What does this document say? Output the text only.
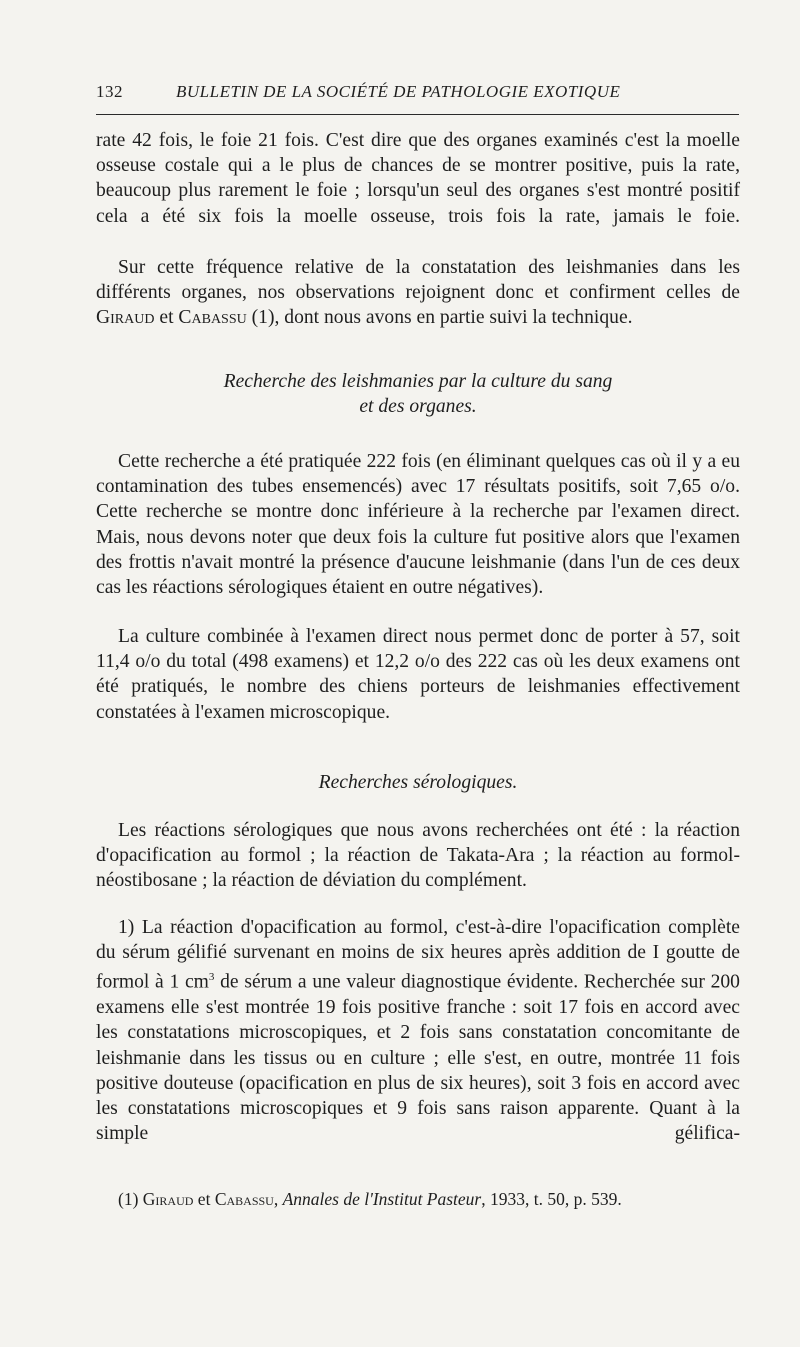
132	BULLETIN DE LA SOCIÉTÉ DE PATHOLOGIE EXOTIQUE

rate 42 fois, le foie 21 fois. C'est dire que des organes examinés c'est la moelle osseuse costale qui a le plus de chances de se montrer positive, puis la rate, beaucoup plus rarement le foie ; lorsqu'un seul des organes s'est montré positif cela a été six fois la moelle osseuse, trois fois la rate, jamais le foie.

Sur cette fréquence relative de la constatation des leishmanies dans les différents organes, nos observations rejoignent donc et confirment celles de Giraud et Cabassu (1), dont nous avons en partie suivi la technique.

Recherche des leishmanies par la culture du sang
et des organes.

Cette recherche a été pratiquée 222 fois (en éliminant quelques cas où il y a eu contamination des tubes ensemencés) avec 17 résultats positifs, soit 7,65 o/o. Cette recherche se montre donc inférieure à la recherche par l'examen direct. Mais, nous devons noter que deux fois la culture fut positive alors que l'examen des frottis n'avait montré la présence d'aucune leishmanie (dans l'un de ces deux cas les réactions sérologiques étaient en outre négatives).

La culture combinée à l'examen direct nous permet donc de porter à 57, soit 11,4 o/o du total (498 examens) et 12,2 o/o des 222 cas où les deux examens ont été pratiqués, le nombre des chiens porteurs de leishmanies effectivement constatées à l'examen microscopique.

Recherches sérologiques.

Les réactions sérologiques que nous avons recherchées ont été : la réaction d'opacification au formol ; la réaction de Takata-Ara ; la réaction au formol-néostibosane ; la réaction de déviation du complément.

1) La réaction d'opacification au formol, c'est-à-dire l'opacification complète du sérum gélifié survenant en moins de six heures après addition de I goutte de formol à 1 $cm^3$ de sérum a une valeur diagnostique évidente. Recherchée sur 200 examens elle s'est montrée 19 fois positive franche : soit 17 fois en accord avec les constatations microscopiques, et 2 fois sans constatation concomitante de leishmanie dans les tissus ou en culture ; elle s'est, en outre, montrée 11 fois positive douteuse (opacification en plus de six heures), soit 3 fois en accord avec les constatations microscopiques et 9 fois sans raison apparente. Quant à la simple gélifica-

(1) Giraud et Cabassu, Annales de l'Institut Pasteur, 1933, t. 50, p. 539.
